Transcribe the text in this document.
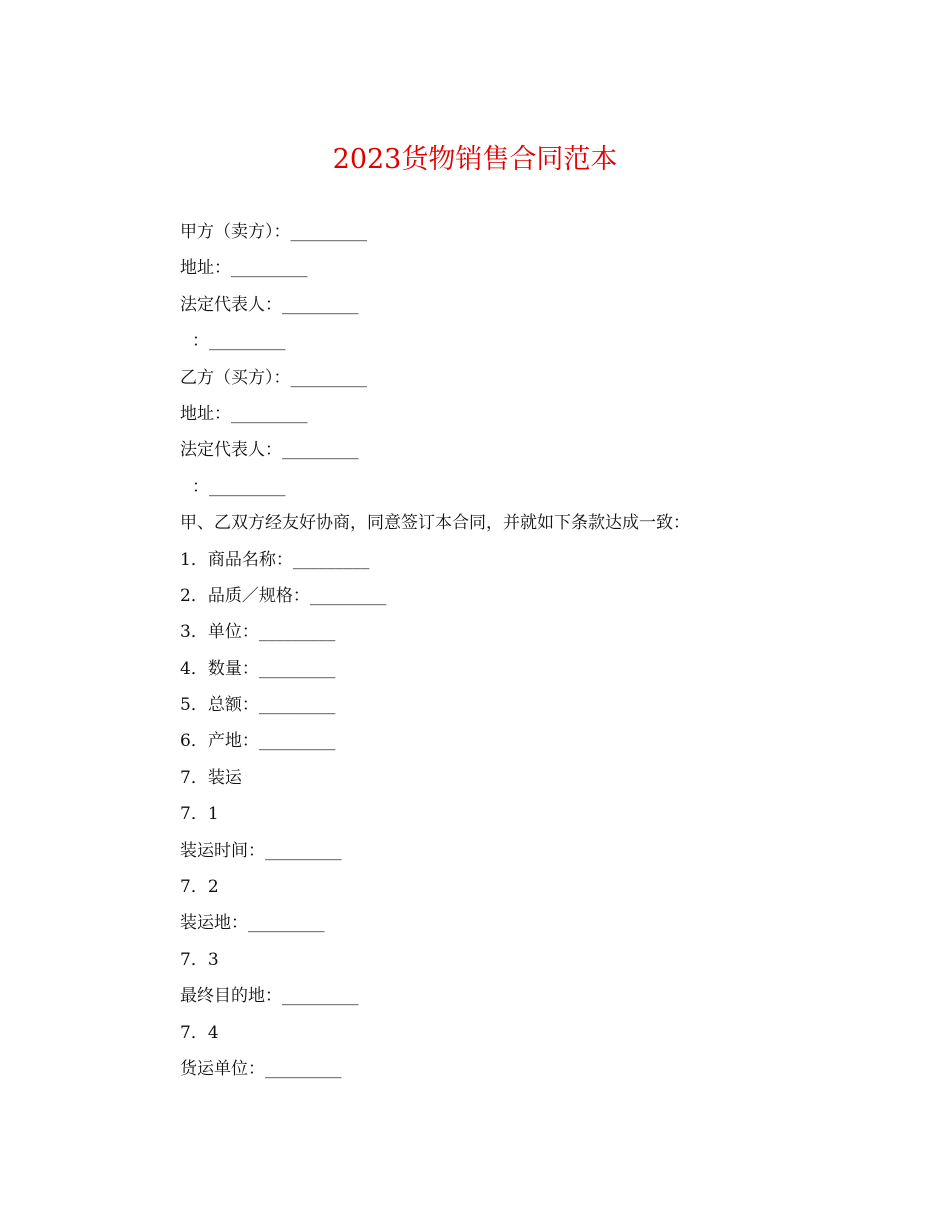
2023货物销售合同范本
甲方（卖方）：_________
地址：_________
法定代表人：_________
：_________
乙方（买方）：_________
地址：_________
法定代表人：_________
：_________
甲、乙双方经友好协商，同意签订本合同，并就如下条款达成一致：
1．商品名称：_________
2．品质／规格：_________
3．单位：_________
4．数量：_________
5．总额：_________
6．产地：_________
7．装运
7．1
装运时间：_________
7．2
装运地：_________
7．3
最终目的地：_________
7．4
货运单位：_________
